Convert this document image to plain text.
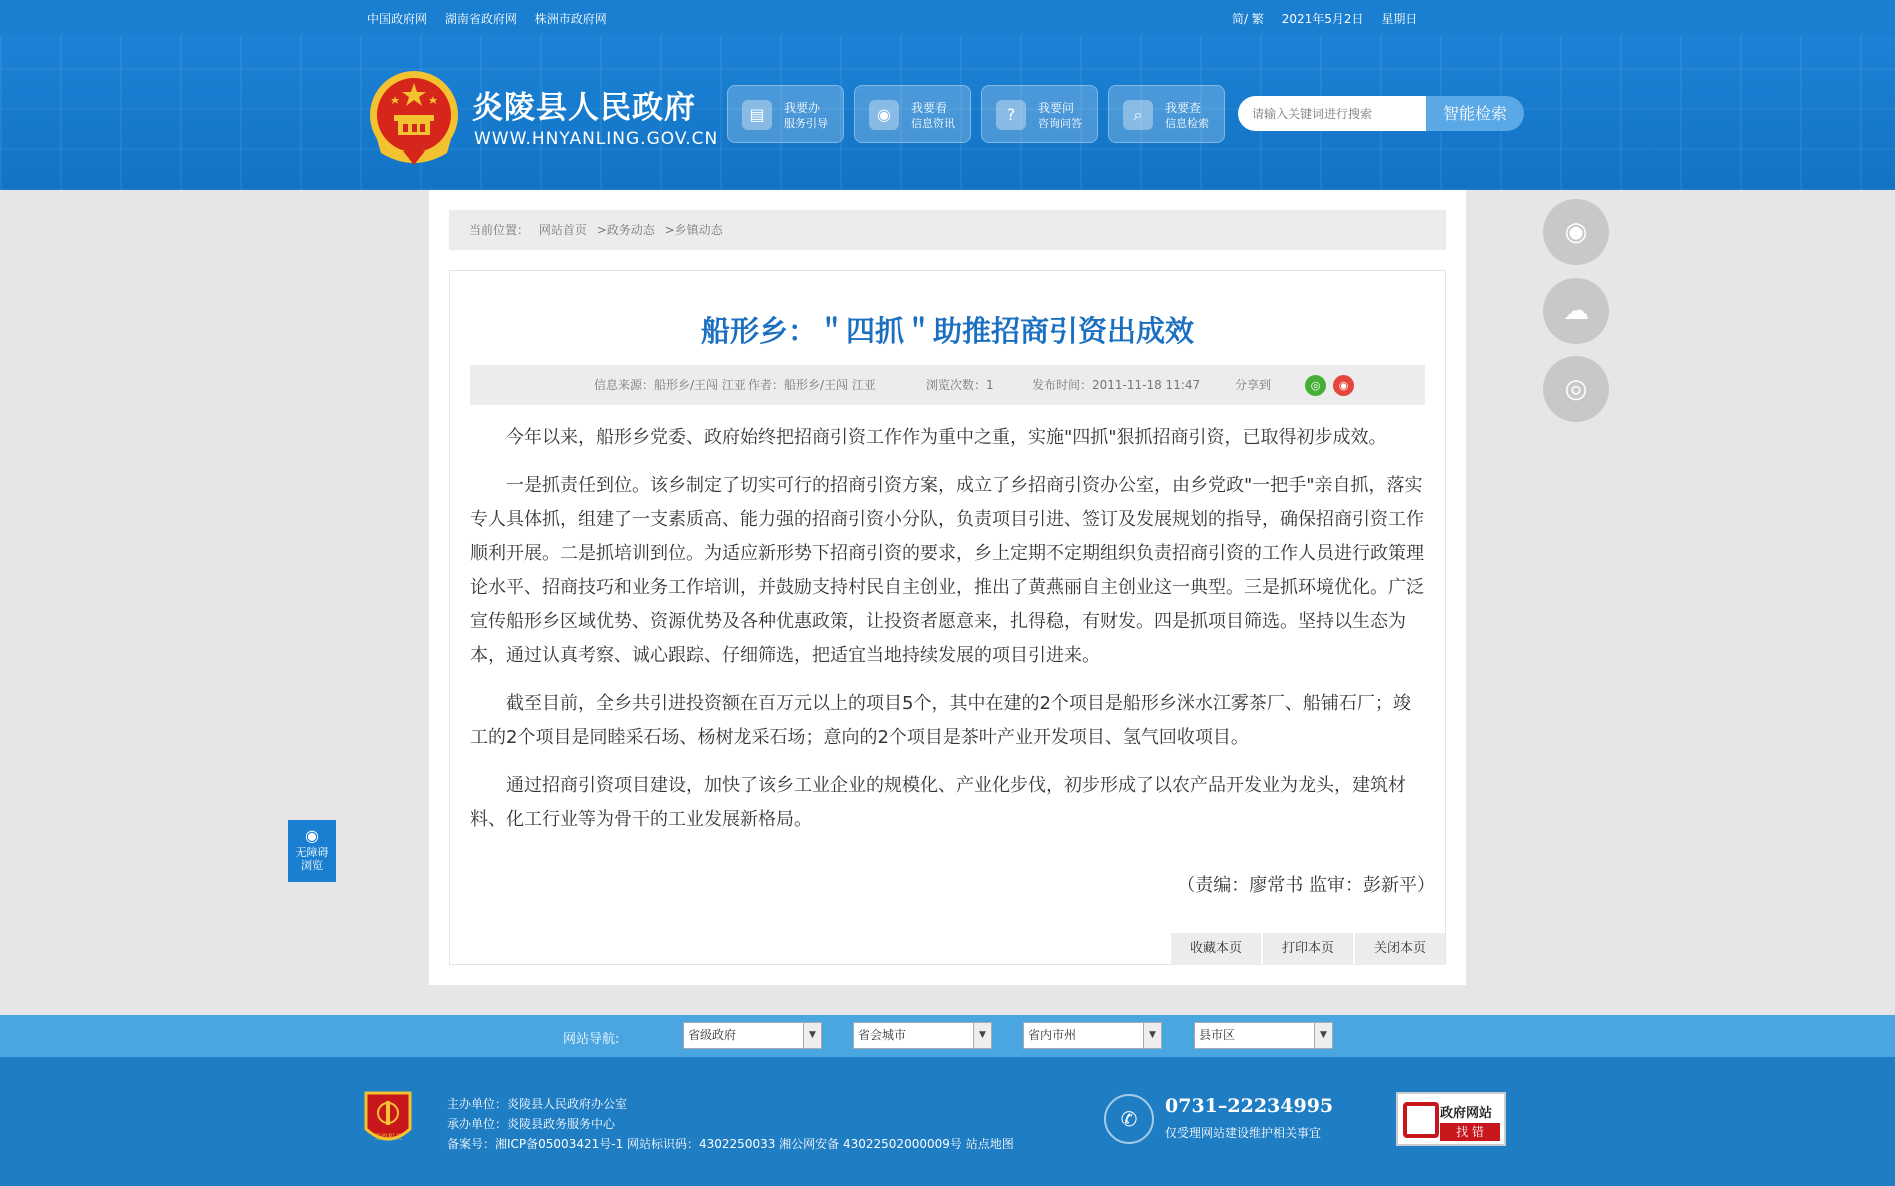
中国政府网 湖南省政府网 株洲市政府网	简/ 繁 2021年5月2日 星期日
炎陵县人民政府
WWW.HNYANLING.GOV.CN
▤	我要办
服务引导	◉	我要看
信息资讯	?	我要问
咨询问答	⌕	我要查
信息检索
请输入关键词进行搜索
智能检索
当前位置： 网站首页 >政务动态 >乡镇动态
船形乡：＂四抓＂助推招商引资出成效
信息来源：船形乡/王闯 江亚 作者：船形乡/王闯 江亚	浏览次数：1	发布时间：2011-11-18 11:47	分享到	◎	◉

今年以来，船形乡党委、政府始终把招商引资工作作为重中之重，实施"四抓"狠抓招商引资，已取得初步成效。

一是抓责任到位。该乡制定了切实可行的招商引资方案，成立了乡招商引资办公室，由乡党政"一把手"亲自抓，落实专人具体抓，组建了一支素质高、能力强的招商引资小分队，负责项目引进、签订及发展规划的指导，确保招商引资工作顺利开展。二是抓培训到位。为适应新形势下招商引资的要求，乡上定期不定期组织负责招商引资的工作人员进行政策理论水平、招商技巧和业务工作培训，并鼓励支持村民自主创业，推出了黄燕丽自主创业这一典型。三是抓环境优化。广泛宣传船形乡区域优势、资源优势及各种优惠政策，让投资者愿意来，扎得稳，有财发。四是抓项目筛选。坚持以生态为本，通过认真考察、诚心跟踪、仔细筛选，把适宜当地持续发展的项目引进来。

截至目前，全乡共引进投资额在百万元以上的项目5个，其中在建的2个项目是船形乡洣水江雾茶厂、船铺石厂；竣工的2个项目是同睦采石场、杨树龙采石场；意向的2个项目是茶叶产业开发项目、氢气回收项目。

通过招商引资项目建设，加快了该乡工业企业的规模化、产业化步伐，初步形成了以农产品开发业为龙头，建筑材料、化工行业等为骨干的工业发展新格局。

（责编：廖常书 监审：彭新平）
收藏本页	打印本页	关闭本页
◉
☁
◎
◉
无障碍
浏览
网站导航:	省级政府	▼	省会城市	▼	省内市州	▼	县市区	▼
党政机关
主办单位：炎陵县人民政府办公室
承办单位：炎陵县政务服务中心
备案号：湘ICP备05003421号-1 网站标识码：4302250033 湘公网安备 43022502000009号 站点地图
✆
0731–22234995
仅受理网站建设维护相关事宜
政府网站
找 错
